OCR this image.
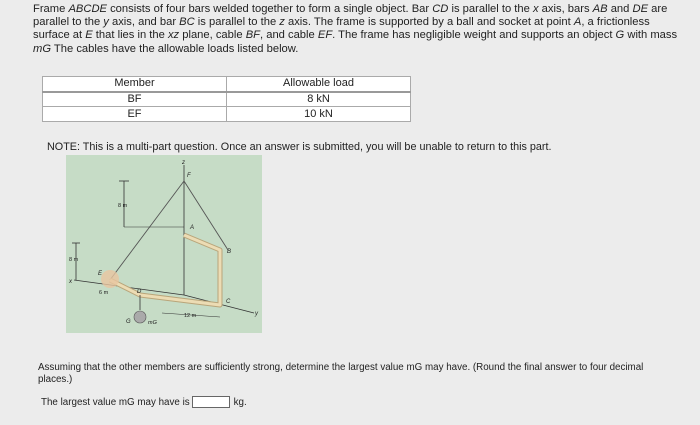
Frame ABCDE consists of four bars welded together to form a single object. Bar CD is parallel to the x axis, bars AB and DE are parallel to the y axis, and bar BC is parallel to the z axis. The frame is supported by a ball and socket at point A, a frictionless surface at E that lies in the xz plane, cable BF, and cable EF. The frame has negligible weight and supports an object G with mass mG The cables have the allowable loads listed below.

Member	Allowable load
BF	8 kN
EF	10 kN
NOTE: This is a multi-part question. Once an answer is submitted, you will be unable to return to this part.
z
x
y
8 m
8 m
12 m
F
A
B
C
D
E
6 m
G	mG
Assuming that the other members are sufficiently strong, determine the largest value mG may have. (Round the final answer to four decimal places.)
The largest value mG may have is	kg.
